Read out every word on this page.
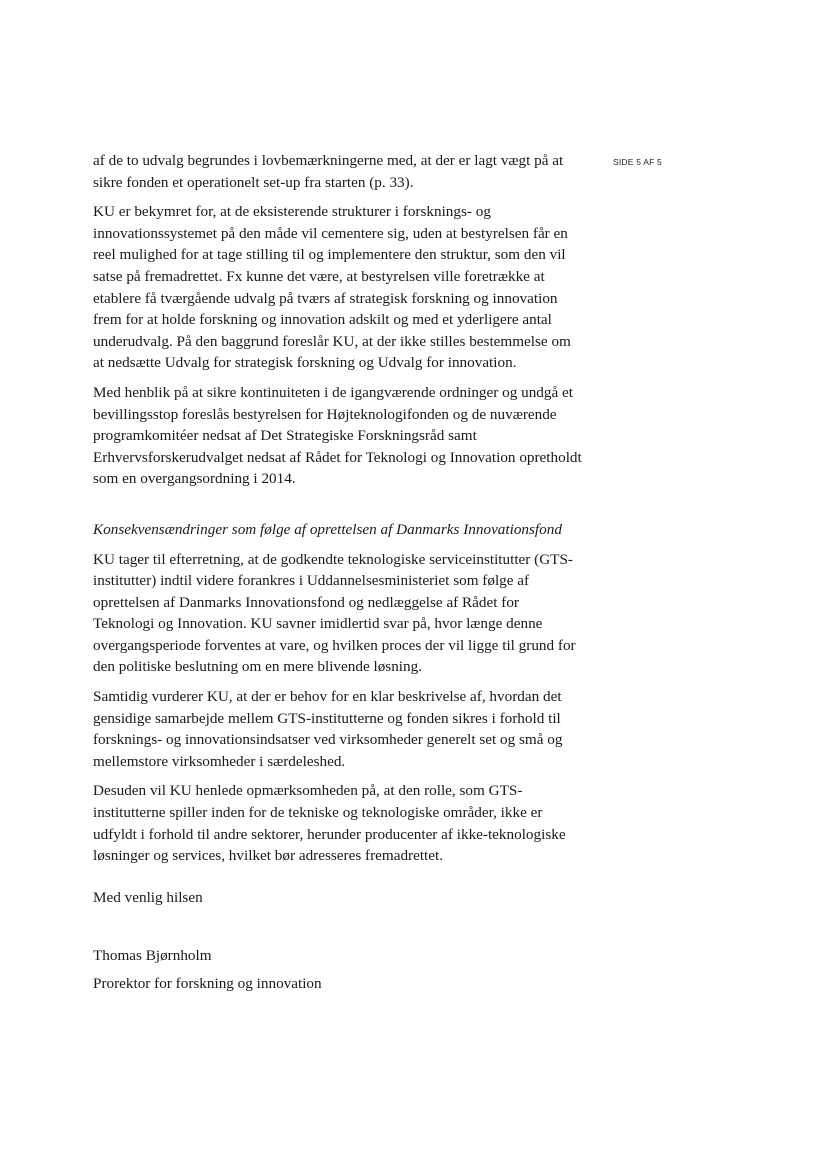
SIDE 5 AF 5

af de to udvalg begrundes i lovbemærkningerne med, at der er lagt vægt på at sikre fonden et operationelt set-up fra starten (p. 33).

KU er bekymret for, at de eksisterende strukturer i forsknings- og innovationssystemet på den måde vil cementere sig, uden at bestyrelsen får en reel mulighed for at tage stilling til og implementere den struktur, som den vil satse på fremadrettet. Fx kunne det være, at bestyrelsen ville foretrække at etablere få tværgående udvalg på tværs af strategisk forskning og innovation frem for at holde forskning og innovation adskilt og med et yderligere antal underudvalg. På den baggrund foreslår KU, at der ikke stilles bestemmelse om at nedsætte Udvalg for strategisk forskning og Udvalg for innovation.

Med henblik på at sikre kontinuiteten i de igangværende ordninger og undgå et bevillingsstop foreslås bestyrelsen for Højteknologifonden og de nuværende programkomitéer nedsat af Det Strategiske Forskningsråd samt Erhvervsforskerudvalget nedsat af Rådet for Teknologi og Innovation opretholdt som en overgangsordning i 2014.

Konsekvensændringer som følge af oprettelsen af Danmarks Innovationsfond

KU tager til efterretning, at de godkendte teknologiske serviceinstitutter (GTS-institutter) indtil videre forankres i Uddannelsesministeriet som følge af oprettelsen af Danmarks Innovationsfond og nedlæggelse af Rådet for Teknologi og Innovation. KU savner imidlertid svar på, hvor længe denne overgangsperiode forventes at vare, og hvilken proces der vil ligge til grund for den politiske beslutning om en mere blivende løsning.

Samtidig vurderer KU, at der er behov for en klar beskrivelse af, hvordan det gensidige samarbejde mellem GTS-institutterne og fonden sikres i forhold til forsknings- og innovationsindsatser ved virksomheder generelt set og små og mellemstore virksomheder i særdeleshed.

Desuden vil KU henlede opmærksomheden på, at den rolle, som GTS-institutterne spiller inden for de tekniske og teknologiske områder, ikke er udfyldt i forhold til andre sektorer, herunder producenter af ikke-teknologiske løsninger og services, hvilket bør adresseres fremadrettet.

Med venlig hilsen
Thomas Bjørnholm
Prorektor for forskning og innovation
